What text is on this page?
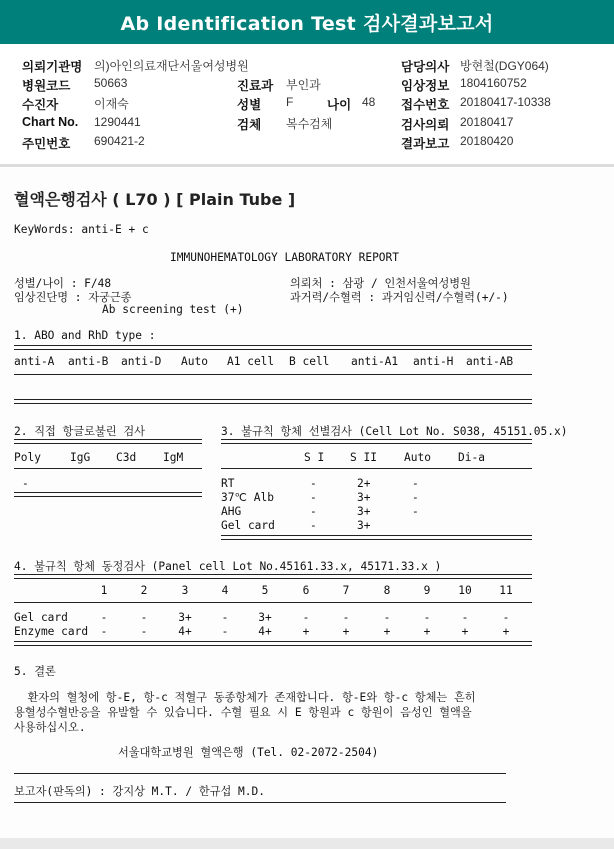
Ab Identification Test 검사결과보고서
의뢰기관명 의)아인의료재단서울여성병원
병원코드 50663
수진자	이재숙
Chart No. 1290441
주민번호 690421-2
진료과 부인과
성별 F	나이 48
검체 복수검체
담당의사 방현철(DGY064)
임상정보 1804160752
접수번호 20180417-10338
검사의뢰 20180417
결과보고 20180420
혈액은행검사 ( L70 ) [ Plain Tube ]
KeyWords: anti-E + c
IMMUNOHEMATOLOGY LABORATORY REPORT
성별/나이 : F/48
임상진단명 : 자궁근종
Ab screening test (+)
의뢰처 : 삼광 / 인천서울여성병원
과거력/수혈력 : 과거임신력/수혈력(+/-)
1. ABO and RhD type :
anti-A anti-B anti-D Auto A1 cell B cell anti-A1 anti-H anti-AB
2. 직접 항글로불린 검사
Poly	IgG C3d IgM
-
3. 불규칙 항체 선별검사 (Cell Lot No. S038, 45151.05.x)
S I S II Auto Di-a
RT	-	2+	-
37℃ Alb	-	3+	-
AHG	-	3+	-
Gel card	-	3+
4. 불규칙 항체 동정검사 (Panel cell Lot No.45161.33.x, 45171.33.x )
1	2	3	4	5	6	7	8	9	10	11
Gel card	-	-	3+	-	3+	-	-	-	-	-	-
Enzyme card	-	-	4+	-	4+	+	+	+	+	+	+
5. 결론
환자의 혈청에 항-E, 항-c 적혈구 동종항체가 존재합니다. 항-E와 항-c 항체는 흔히
용혈성수혈반응을 유발할 수 있습니다. 수혈 필요 시 E 항원과 c 항원이 음성인 혈액을
사용하십시오.
서울대학교병원 혈액은행 (Tel. 02-2072-2504)
보고자(판독의) : 강지상 M.T. / 한규섭 M.D.
